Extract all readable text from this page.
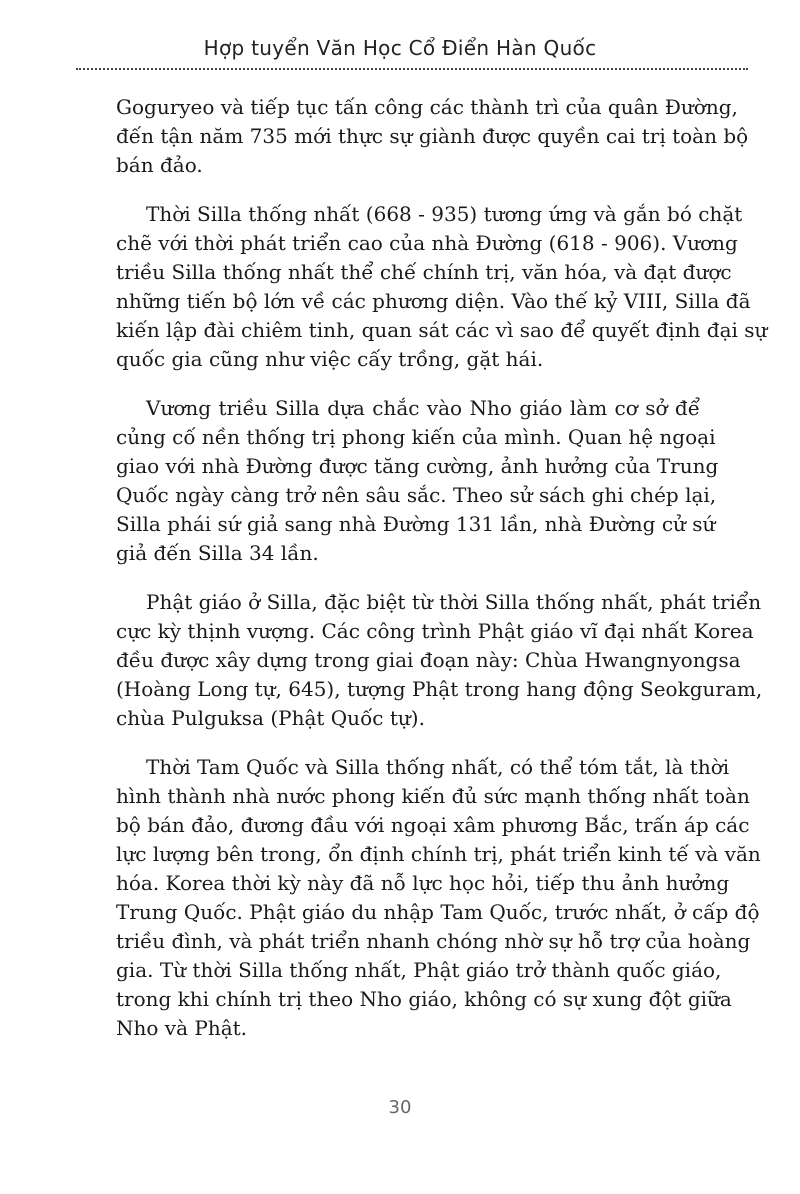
Hợp tuyển Văn Học Cổ Điển Hàn Quốc

Goguryeo và tiếp tục tấn công các thành trì của quân Đường,
đến tận năm 735 mới thực sự giành được quyền cai trị toàn bộ
bán đảo.

Thời Silla thống nhất (668 - 935) tương ứng và gắn bó chặt
chẽ với thời phát triển cao của nhà Đường (618 - 906). Vương
triều Silla thống nhất thể chế chính trị, văn hóa, và đạt được
những tiến bộ lớn về các phương diện. Vào thế kỷ VIII, Silla đã
kiến lập đài chiêm tinh, quan sát các vì sao để quyết định đại sự
quốc gia cũng như việc cấy trồng, gặt hái.

Vương triều Silla dựa chắc vào Nho giáo làm cơ sở để
củng cố nền thống trị phong kiến của mình. Quan hệ ngoại
giao với nhà Đường được tăng cường, ảnh hưởng của Trung
Quốc ngày càng trở nên sâu sắc. Theo sử sách ghi chép lại,
Silla phái sứ giả sang nhà Đường 131 lần, nhà Đường cử sứ
giả đến Silla 34 lần.

Phật giáo ở Silla, đặc biệt từ thời Silla thống nhất, phát triển
cực kỳ thịnh vượng. Các công trình Phật giáo vĩ đại nhất Korea
đều được xây dựng trong giai đoạn này: Chùa Hwangnyongsa
(Hoàng Long tự, 645), tượng Phật trong hang động Seokguram,
chùa Pulguksa (Phật Quốc tự).

Thời Tam Quốc và Silla thống nhất, có thể tóm tắt, là thời
hình thành nhà nước phong kiến đủ sức mạnh thống nhất toàn
bộ bán đảo, đương đầu với ngoại xâm phương Bắc, trấn áp các
lực lượng bên trong, ổn định chính trị, phát triển kinh tế và văn
hóa. Korea thời kỳ này đã nỗ lực học hỏi, tiếp thu ảnh hưởng
Trung Quốc. Phật giáo du nhập Tam Quốc, trước nhất, ở cấp độ
triều đình, và phát triển nhanh chóng nhờ sự hỗ trợ của hoàng
gia. Từ thời Silla thống nhất, Phật giáo trở thành quốc giáo,
trong khi chính trị theo Nho giáo, không có sự xung đột giữa
Nho và Phật.

30
